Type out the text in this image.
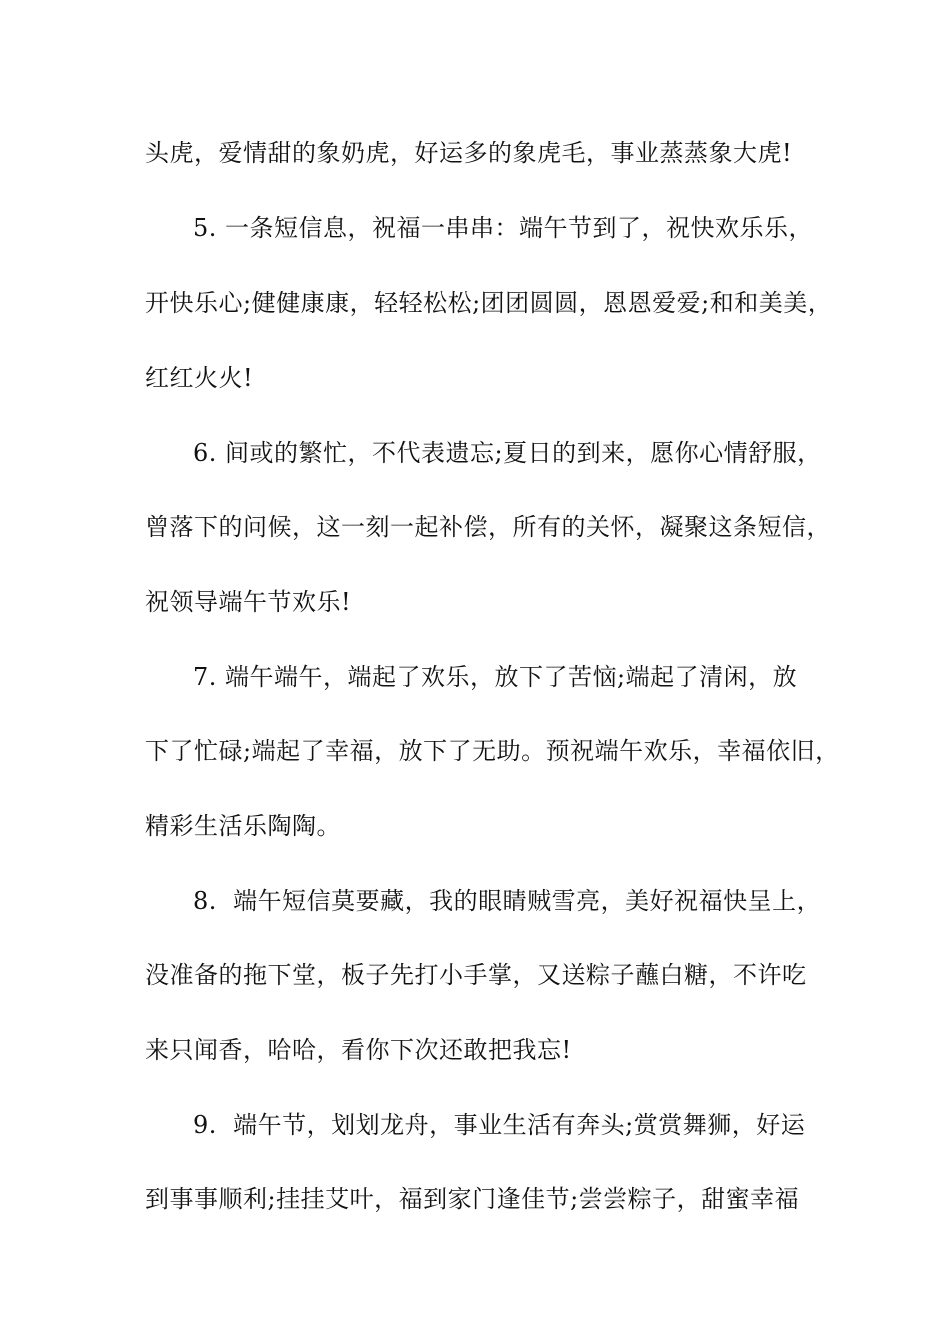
头虎，爱情甜的象奶虎，好运多的象虎毛，事业蒸蒸象大虎!
5. 一条短信息，祝福一串串：端午节到了，祝快欢乐乐，
开快乐心;健健康康，轻轻松松;团团圆圆，恩恩爱爱;和和美美，
红红火火!
6. 间或的繁忙，不代表遗忘;夏日的到来，愿你心情舒服，
曾落下的问候，这一刻一起补偿，所有的关怀，凝聚这条短信，
祝领导端午节欢乐!
7. 端午端午，端起了欢乐，放下了苦恼;端起了清闲，放
下了忙碌;端起了幸福，放下了无助。预祝端午欢乐，幸福依旧，
精彩生活乐陶陶。
8.  端午短信莫要藏，我的眼睛贼雪亮，美好祝福快呈上，
没准备的拖下堂，板子先打小手掌，又送粽子蘸白糖，不许吃
来只闻香，哈哈，看你下次还敢把我忘!
9.  端午节，划划龙舟，事业生活有奔头;赏赏舞狮，好运
到事事顺利;挂挂艾叶，福到家门逢佳节;尝尝粽子，甜蜜幸福
